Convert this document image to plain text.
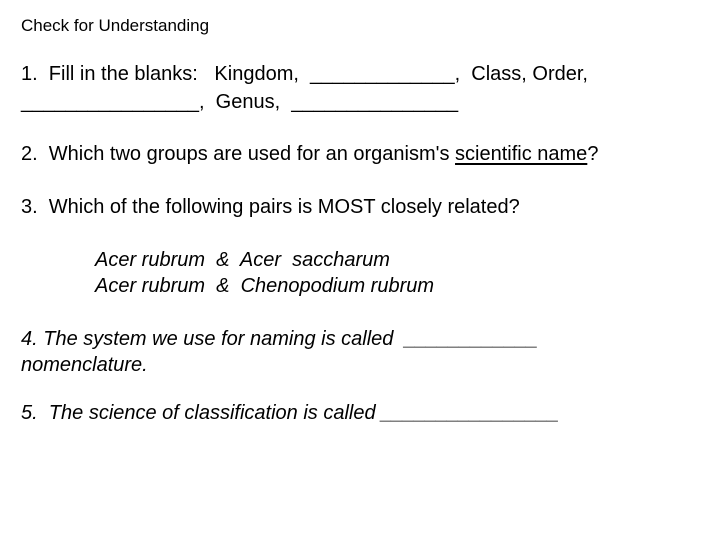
Check for Understanding
1.  Fill in the blanks:   Kingdom,  _____________,  Class, Order,
________________,  Genus,  _______________
2.  Which two groups are used for an organism's scientific name?
3.  Which of the following pairs is MOST closely related?
Acer rubrum  &  Acer  saccharum
Acer rubrum  &  Chenopodium rubrum
4. The system we use for naming is called  ____________
nomenclature.
5.  The science of classification is called ________________
